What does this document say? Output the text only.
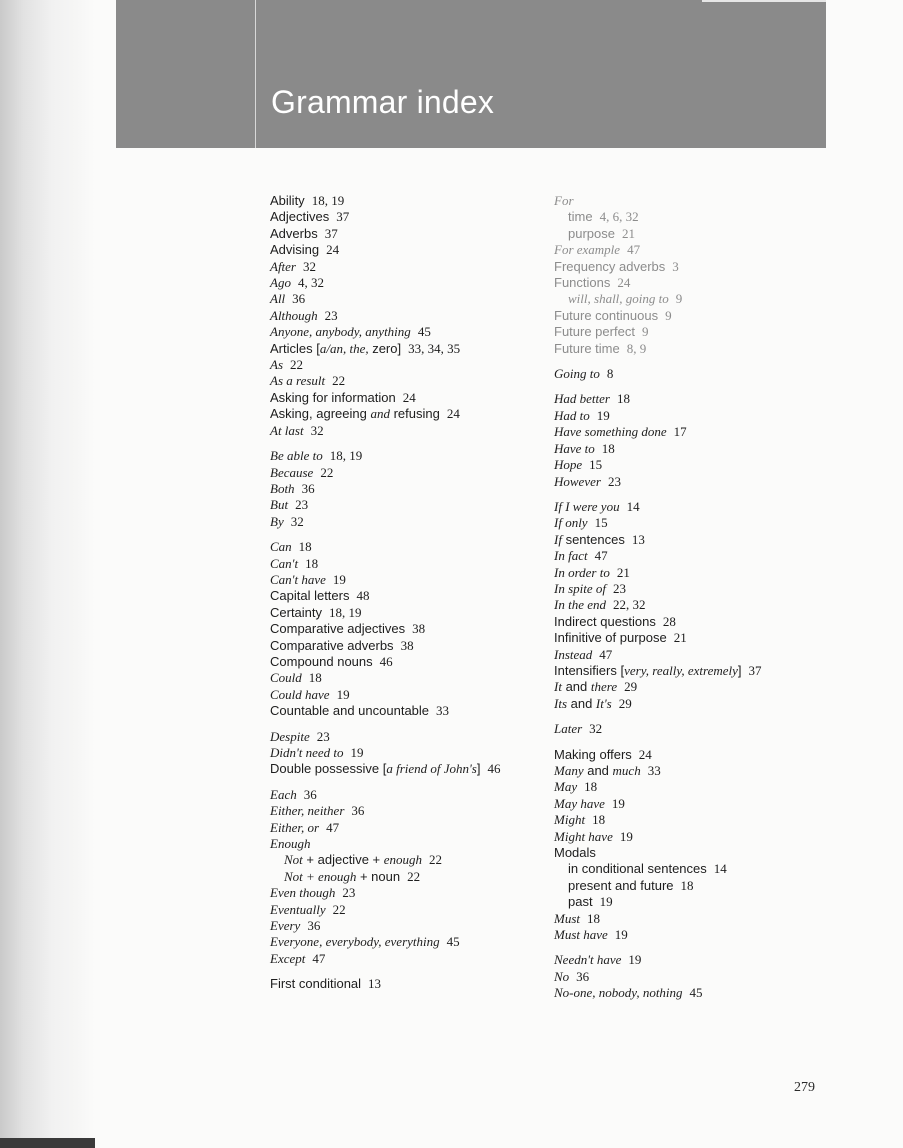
Grammar index
Ability 18, 19
Adjectives 37
Adverbs 37
Advising 24
After 32
Ago 4, 32
All 36
Although 23
Anyone, anybody, anything 45
Articles [a/an, the, zero] 33, 34, 35
As 22
As a result 22
Asking for information 24
Asking, agreeing and refusing 24
At last 32
Be able to 18, 19
Because 22
Both 36
But 23
By 32
Can 18
Can't 18
Can't have 19
Capital letters 48
Certainty 18, 19
Comparative adjectives 38
Comparative adverbs 38
Compound nouns 46
Could 18
Could have 19
Countable and uncountable 33
Despite 23
Didn't need to 19
Double possessive [a friend of John's] 46
Each 36
Either, neither 36
Either, or 47
Enough
Not + adjective + enough 22
Not + enough + noun 22
Even though 23
Eventually 22
Every 36
Everyone, everybody, everything 45
Except 47
First conditional 13
For
time 4, 6, 32
purpose 21
For example 47
Frequency adverbs 3
Functions 24
will, shall, going to 9
Future continuous 9
Future perfect 9
Future time 8, 9
Going to 8
Had better 18
Had to 19
Have something done 17
Have to 18
Hope 15
However 23
If I were you 14
If only 15
If sentences 13
In fact 47
In order to 21
In spite of 23
In the end 22, 32
Indirect questions 28
Infinitive of purpose 21
Instead 47
Intensifiers [very, really, extremely] 37
It and there 29
Its and It's 29
Later 32
Making offers 24
Many and much 33
May 18
May have 19
Might 18
Might have 19
Modals
in conditional sentences 14
present and future 18
past 19
Must 18
Must have 19
Needn't have 19
No 36
No-one, nobody, nothing 45
279
